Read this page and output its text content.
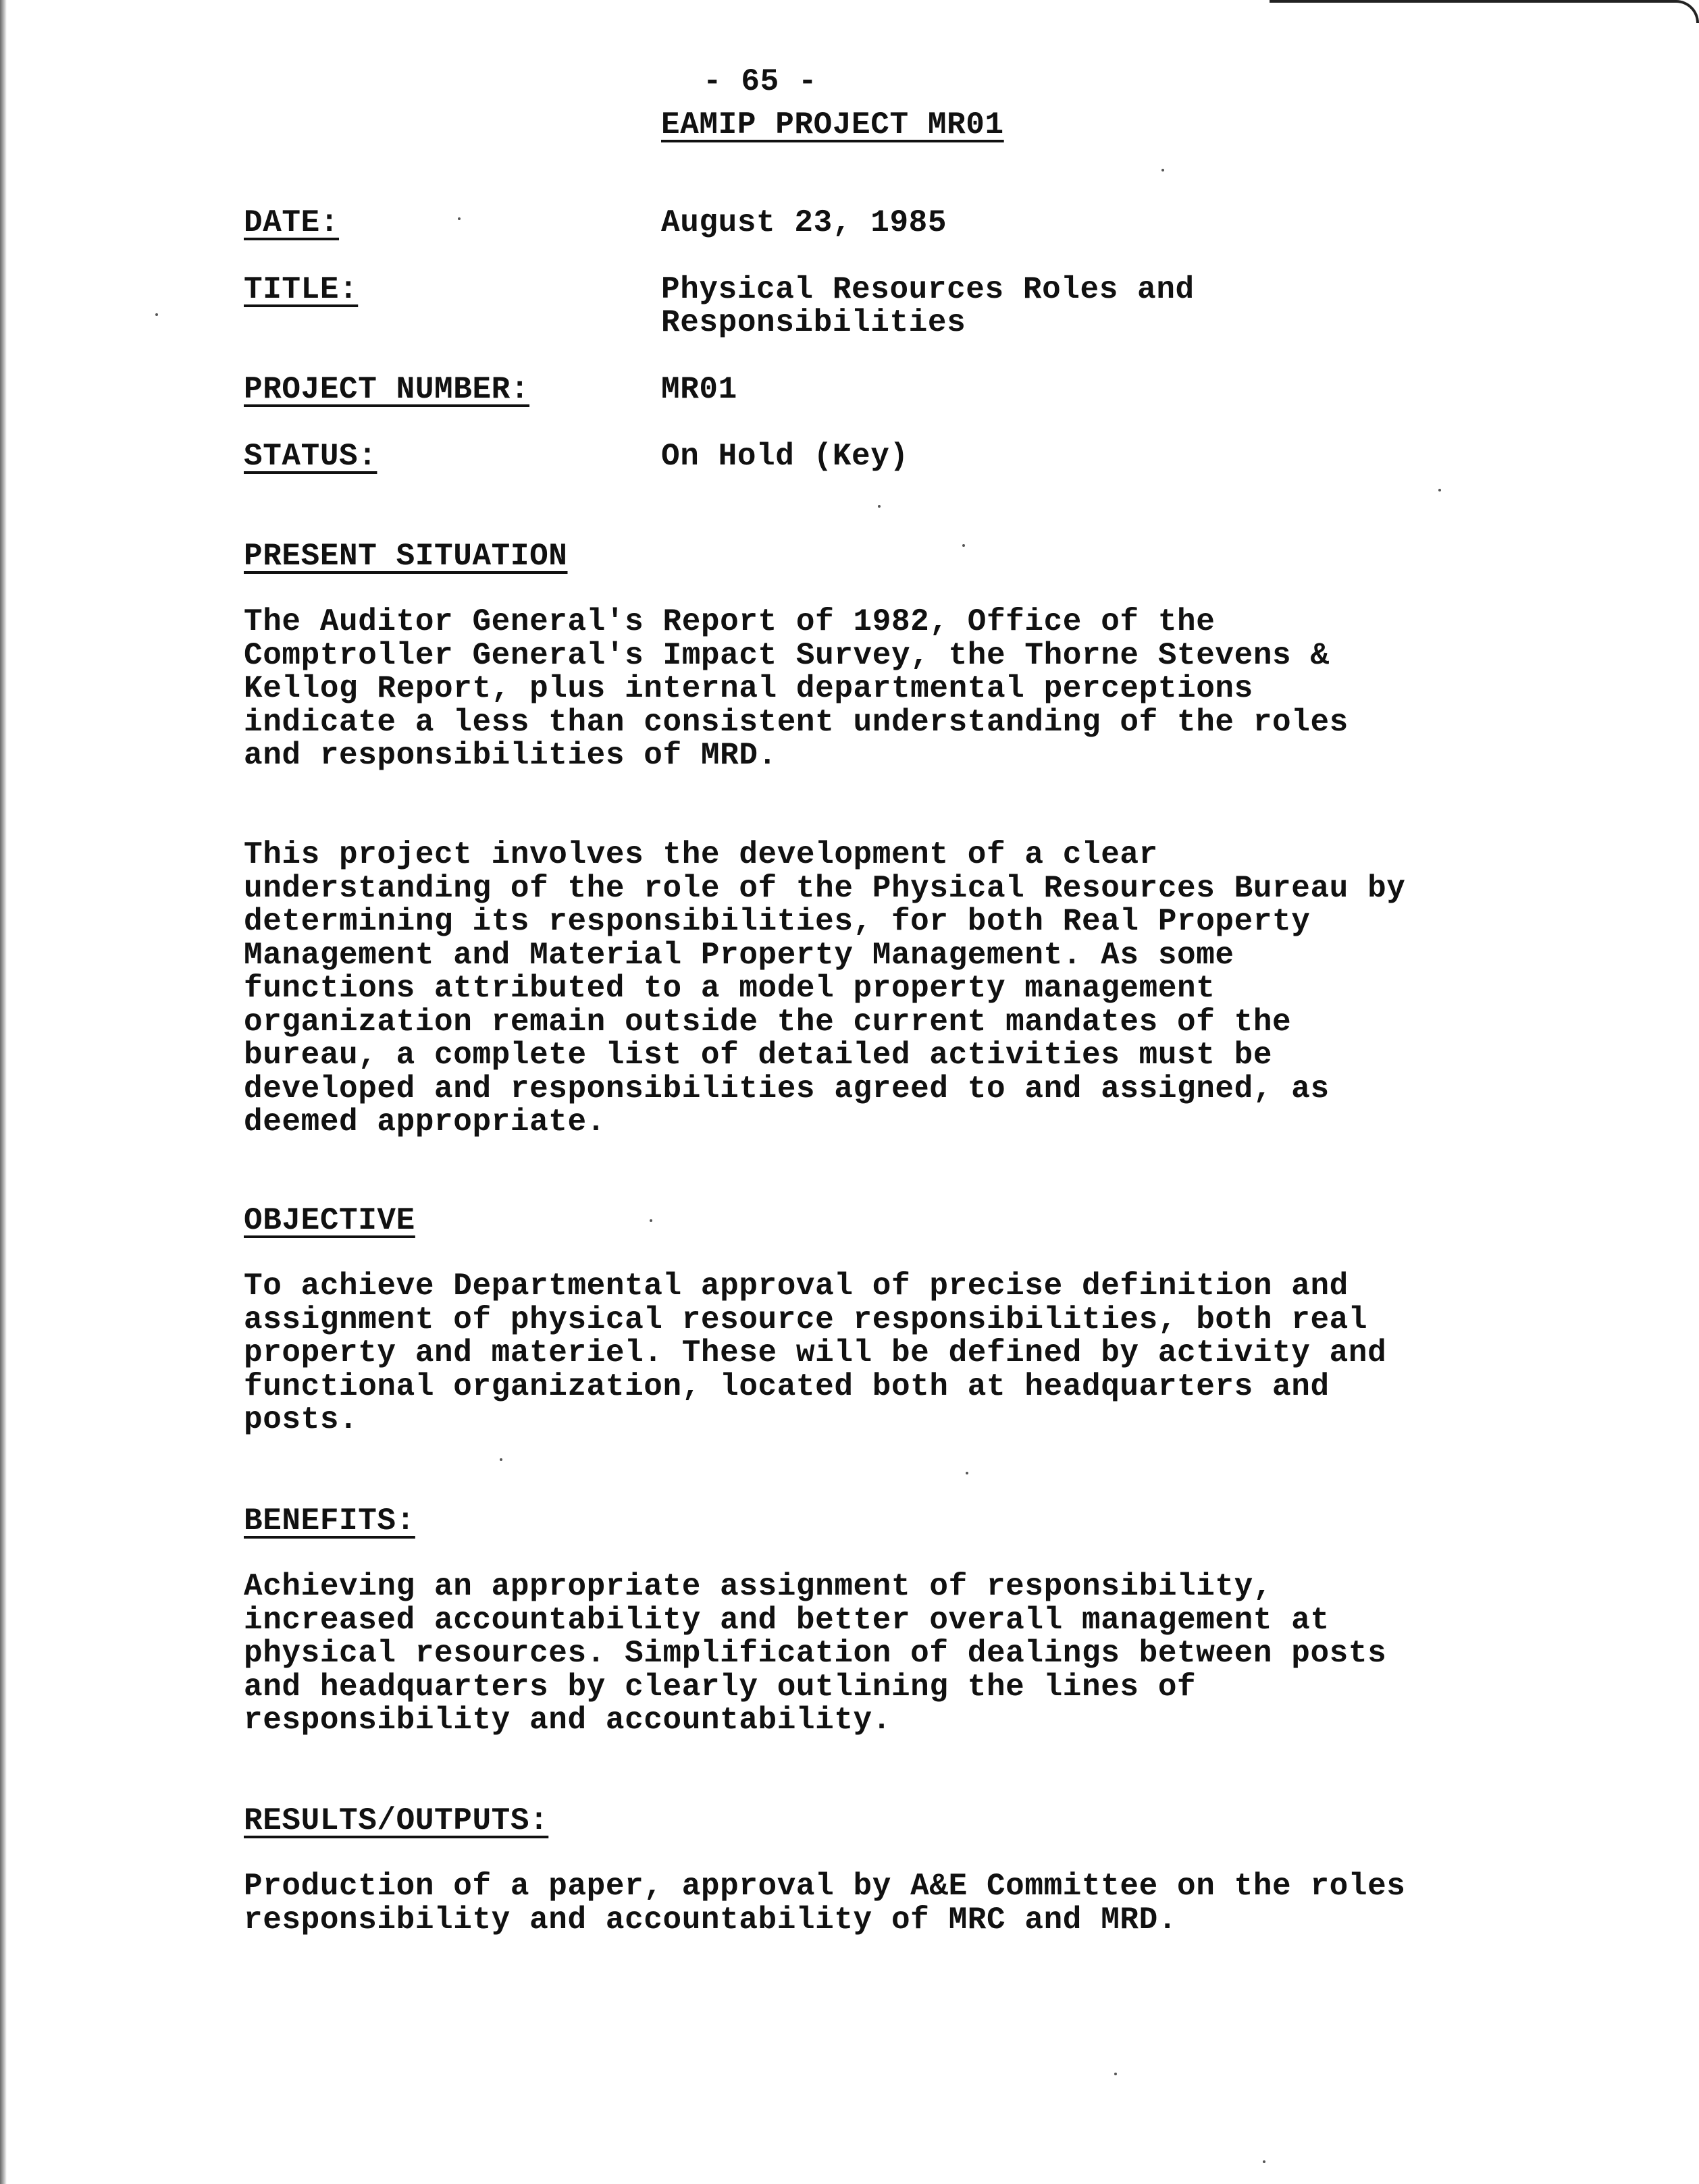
- 65 -
EAMIP PROJECT MR01
DATE:	August 23, 1985
TITLE:	Physical Resources Roles and
Responsibilities
PROJECT NUMBER:	MR01
STATUS:	On Hold (Key)
PRESENT SITUATION
The Auditor General's Report of 1982, Office of the
Comptroller General's Impact Survey, the Thorne Stevens &
Kellog Report, plus internal departmental perceptions
indicate a less than consistent understanding of the roles
and responsibilities of MRD.
This project involves the development of a clear
understanding of the role of the Physical Resources Bureau by
determining its responsibilities, for both Real Property
Management and Material Property Management. As some
functions attributed to a model property management
organization remain outside the current mandates of the
bureau, a complete list of detailed activities must be
developed and responsibilities agreed to and assigned, as
deemed appropriate.
OBJECTIVE
To achieve Departmental approval of precise definition and
assignment of physical resource responsibilities, both real
property and materiel. These will be defined by activity and
functional organization, located both at headquarters and
posts.
BENEFITS:
Achieving an appropriate assignment of responsibility,
increased accountability and better overall management at
physical resources. Simplification of dealings between posts
and headquarters by clearly outlining the lines of
responsibility and accountability.
RESULTS/OUTPUTS:
Production of a paper, approval by A&E Committee on the roles
responsibility and accountability of MRC and MRD.
